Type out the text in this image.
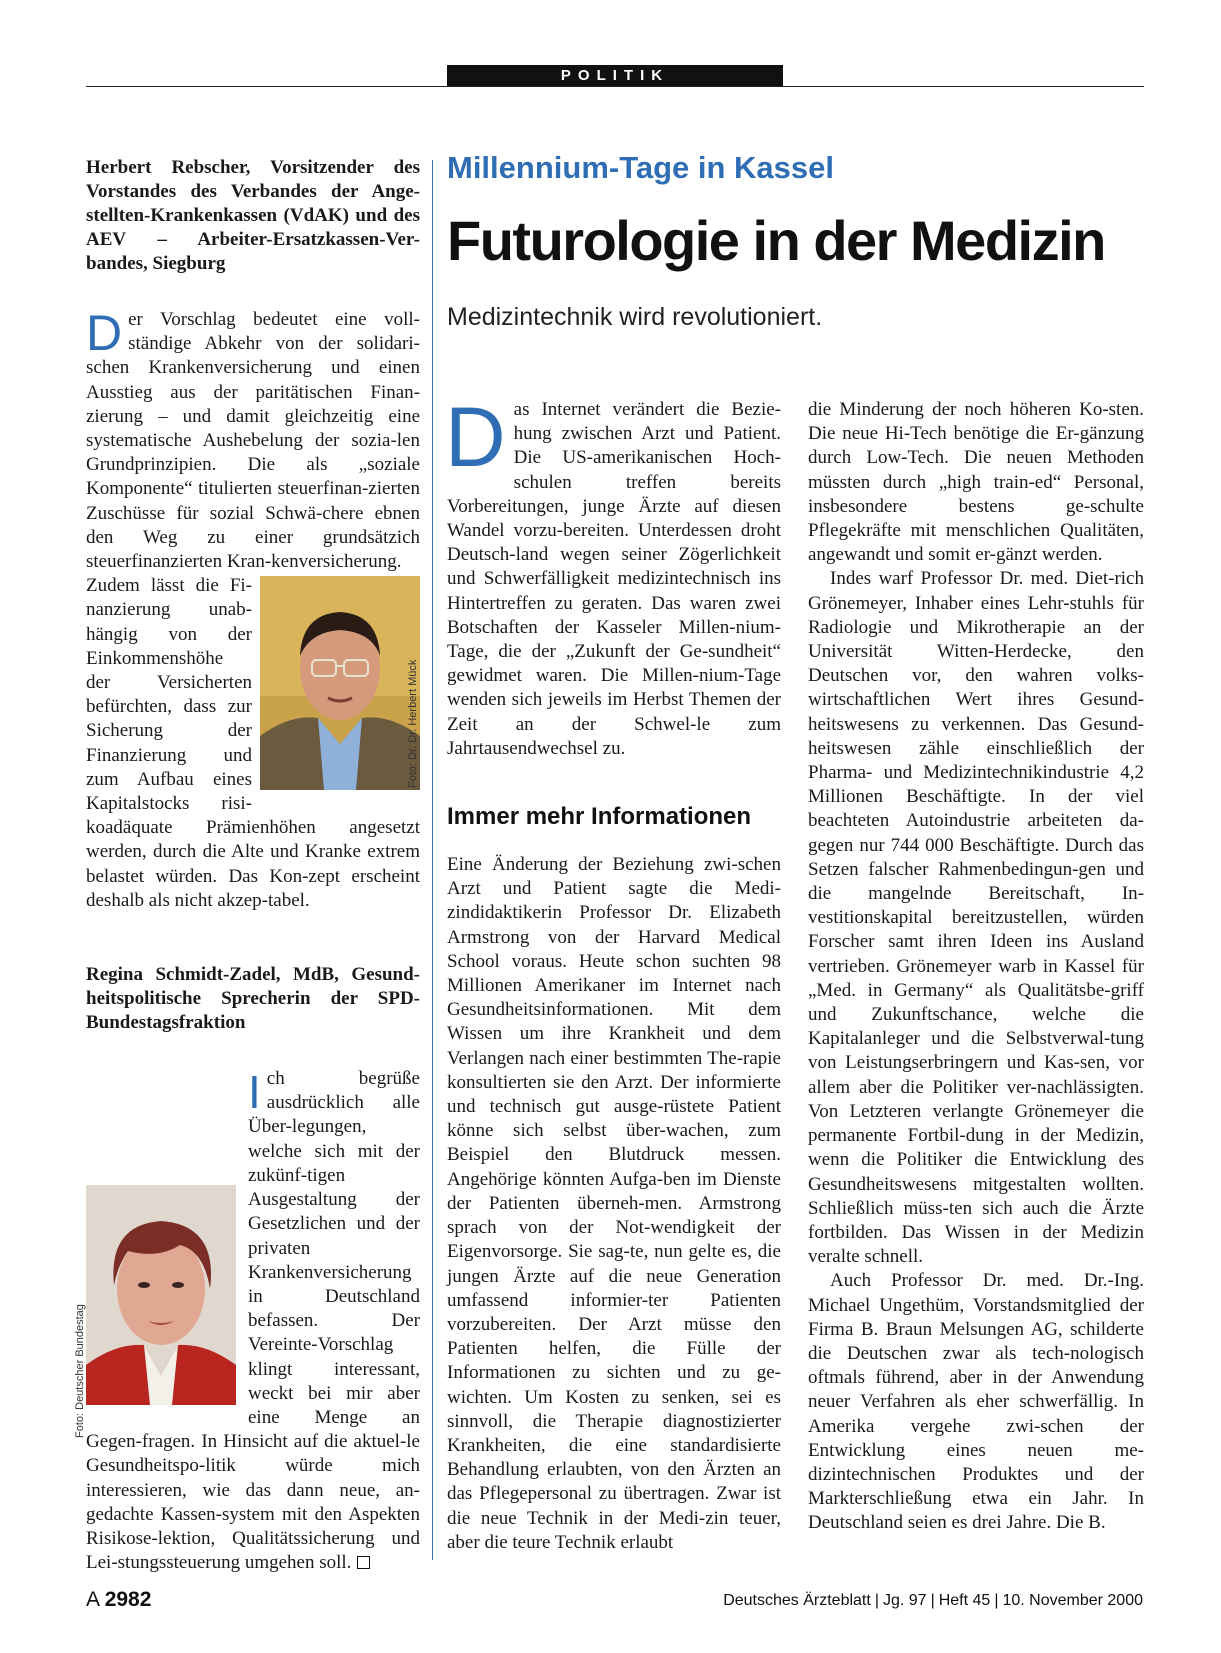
POLITIK
Herbert Rebscher, Vorsitzender des Vorstandes des Verbandes der Ange-stellten-Krankenkassen (VdAK) und des AEV – Arbeiter-Ersatzkassen-Ver-bandes, Siegburg

Der Vorschlag bedeutet eine voll-ständige Abkehr von der solidari-schen Krankenversicherung und einen Ausstieg aus der paritätischen Finan-zierung – und damit gleichzeitig eine systematische Aushebelung der sozia-len Grundprinzipien. Die als „soziale Komponente“ titulierten steuerfinan-zierten Zuschüsse für sozial Schwä-chere ebnen den Weg zu einer grundsätzich steuerfinanzierten Kran-kenversicherung.

Foto: Dr. Dr. Herbert Mück

Zudem lässt die Fi-nanzierung unab-hängig von der Einkommenshöhe der Versicherten befürchten, dass zur Sicherung der Finanzierung und zum Aufbau eines Kapitalstocks risi-koadäquate Prämienhöhen angesetzt werden, durch die Alte und Kranke extrem belastet würden. Das Kon-zept erscheint deshalb als nicht akzep-tabel.

Regina Schmidt-Zadel, MdB, Gesund-heitspolitische Sprecherin der SPD-Bundestagsfraktion

Ich begrüße ausdrücklich alle Über-legungen, welche sich mit der zukünf-tigen Ausgestaltung der Gesetzlichen und der privaten Krankenversicherung in Deutschland befassen. Der Vereinte-Vorschlag klingt interessant, weckt bei mir aber eine Menge an Gegen-fragen. In Hinsicht auf die aktuel-le Gesundheitspo-litik würde mich interessieren, wie das dann neue, an-gedachte Kassen-system mit den Aspekten Risikose-lektion, Qualitätssicherung und Lei-stungssteuerung umgehen soll.

Foto: Deutscher Bundestag
Millennium-Tage in Kassel
Futurologie in der Medizin
Medizintechnik wird revolutioniert.

Das Internet verändert die Bezie-hung zwischen Arzt und Patient. Die US-amerikanischen Hoch-schulen treffen bereits Vorbereitungen, junge Ärzte auf diesen Wandel vorzu-bereiten. Unterdessen droht Deutsch-land wegen seiner Zögerlichkeit und Schwerfälligkeit medizintechnisch ins Hintertreffen zu geraten. Das waren zwei Botschaften der Kasseler Millen-nium-Tage, die der „Zukunft der Ge-sundheit“ gewidmet waren. Die Millen-nium-Tage wenden sich jeweils im Herbst Themen der Zeit an der Schwel-le zum Jahrtausendwechsel zu.

Immer mehr Informationen

Eine Änderung der Beziehung zwi-schen Arzt und Patient sagte die Medi-zindidaktikerin Professor Dr. Elizabeth Armstrong von der Harvard Medical School voraus. Heute schon suchten 98 Millionen Amerikaner im Internet nach Gesundheitsinformationen. Mit dem Wissen um ihre Krankheit und dem Verlangen nach einer bestimmten The-rapie konsultierten sie den Arzt. Der informierte und technisch gut ausge-rüstete Patient könne sich selbst über-wachen, zum Beispiel den Blutdruck messen. Angehörige könnten Aufga-ben im Dienste der Patienten überneh-men. Armstrong sprach von der Not-wendigkeit der Eigenvorsorge. Sie sag-te, nun gelte es, die jungen Ärzte auf die neue Generation umfassend informier-ter Patienten vorzubereiten. Der Arzt müsse den Patienten helfen, die Fülle der Informationen zu sichten und zu ge-wichten. Um Kosten zu senken, sei es sinnvoll, die Therapie diagnostizierter Krankheiten, die eine standardisierte Behandlung erlaubten, von den Ärzten an das Pflegepersonal zu übertragen. Zwar ist die neue Technik in der Medi-zin teuer, aber die teure Technik erlaubt

die Minderung der noch höheren Ko-sten. Die neue Hi-Tech benötige die Er-gänzung durch Low-Tech. Die neuen Methoden müssten durch „high train-ed“ Personal, insbesondere bestens ge-schulte Pflegekräfte mit menschlichen Qualitäten, angewandt und somit er-gänzt werden.

Indes warf Professor Dr. med. Diet-rich Grönemeyer, Inhaber eines Lehr-stuhls für Radiologie und Mikrotherapie an der Universität Witten-Herdecke, den Deutschen vor, den wahren volks-wirtschaftlichen Wert ihres Gesund-heitswesens zu verkennen. Das Gesund-heitswesen zähle einschließlich der Pharma- und Medizintechnikindustrie 4,2 Millionen Beschäftigte. In der viel beachteten Autoindustrie arbeiteten da-gegen nur 744 000 Beschäftigte. Durch das Setzen falscher Rahmenbedingun-gen und die mangelnde Bereitschaft, In-vestitionskapital bereitzustellen, würden Forscher samt ihren Ideen ins Ausland vertrieben. Grönemeyer warb in Kassel für „Med. in Germany“ als Qualitätsbe-griff und Zukunftschance, welche die Kapitalanleger und die Selbstverwal-tung von Leistungserbringern und Kas-sen, vor allem aber die Politiker ver-nachlässigten. Von Letzteren verlangte Grönemeyer die permanente Fortbil-dung in der Medizin, wenn die Politiker die Entwicklung des Gesundheitswesens mitgestalten wollten. Schließlich müss-ten sich auch die Ärzte fortbilden. Das Wissen in der Medizin veralte schnell.

Auch Professor Dr. med. Dr.-Ing. Michael Ungethüm, Vorstandsmitglied der Firma B. Braun Melsungen AG, schilderte die Deutschen zwar als tech-nologisch oftmals führend, aber in der Anwendung neuer Verfahren als eher schwerfällig. In Amerika vergehe zwi-schen der Entwicklung eines neuen me-dizintechnischen Produktes und der Markterschließung etwa ein Jahr. In Deutschland seien es drei Jahre. Die B.

A 2982	Deutsches Ärzteblatt | Jg. 97 | Heft 45 | 10. November 2000
